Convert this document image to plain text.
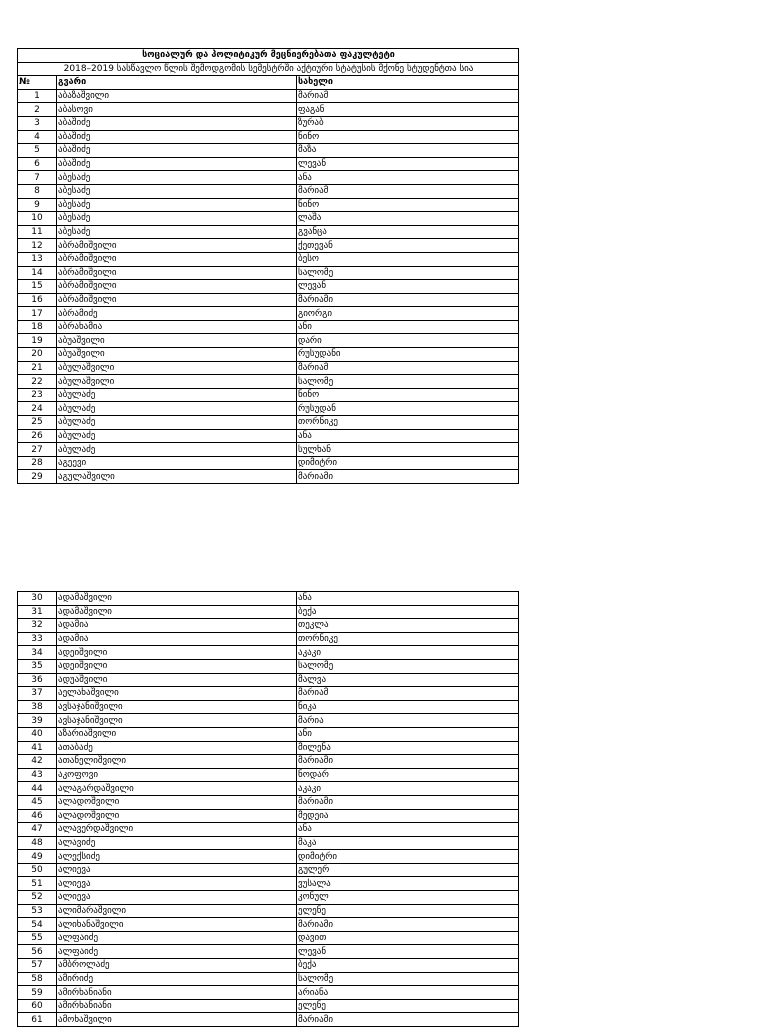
სოციალურ და პოლიტიკურ მეცნიერებათა ფაკულტეტი		
2018–2019 სასწავლო წლის შემოდგომის სემესტრში აქტიური სტატუსის მქონე სტუდენტთა სია		
№	გვარი	სახელი
1	აბაზაშვილი	მარიამ
2	აბასოვი	ფაგან
3	აბაშიძე	ზურაბ
4	აბაშიძე	ნინო
5	აბაშიძე	მაზა
6	აბაშიძე	ლევან
7	აბესაძე	ანა
8	აბესაძე	მარიამ
9	აბესაძე	ნინო
10	აბესაძე	ლაშა
11	აბესაძე	გვანცა
12	აბრამიშვილი	ქეთევან
13	აბრამიშვილი	ბესო
14	აბრამიშვილი	სალომე
15	აბრამიშვილი	ლევან
16	აბრამიშვილი	მარიამი
17	აბრამიძე	გიორგი
18	აბრახამია	ანი
19	აბუაშვილი	დარი
20	აბუაშვილი	რუსუდანი
21	აბულაშვილი	მარიამ
22	აბულაშვილი	სალომე
23	აბულაძე	ნინო
24	აბულაძე	რუსუდან
25	აბულაძე	თორნიკე
26	აბულაძე	ანა
27	აბულაძე	სულხან
28	აგეევი	დიმიტრი
29	აგულაშვილი	მარიამი
30	ადამაშვილი	ანა
31	ადამაშვილი	ბექა
32	ადამია	თეკლა
33	ადამია	თორნიკე
34	ადეიშვილი	აკაკი
35	ადეიშვილი	სალომე
36	ადუაშვილი	მალვა
37	აელახაშვილი	მარიამ
38	ავსაჯანიშვილი	ნიკა
39	ავსაჯანიშვილი	მარია
40	აზარიაშვილი	ანი
41	ათაბაძე	მილენა
42	ათანელიშვილი	მარიამი
43	აკოფოვი	ნოდარ
44	ალაგარდაშვილი	აკაკი
45	ალადოშვილი	მარიამი
46	ალადოშვილი	მედეია
47	ალავერდაშვილი	ანა
48	ალავიძე	მაკა
49	ალექსიძე	დიმიტრი
50	ალიევა	გულერ
51	ალიევა	ვუსალა
52	ალიევა	კონულ
53	ალიმარაშვილი	ელენე
54	ალიხანაშვილი	მარიამი
55	ალფაიძე	დავით
56	ალფაიძე	ლევან
57	ამბროლაძე	ბექა
58	ამირიძე	სალომე
59	ამირხანიანი	არიანა
60	ამირხანიანი	ელენე
61	ამოხაშვილი	მარიამი
